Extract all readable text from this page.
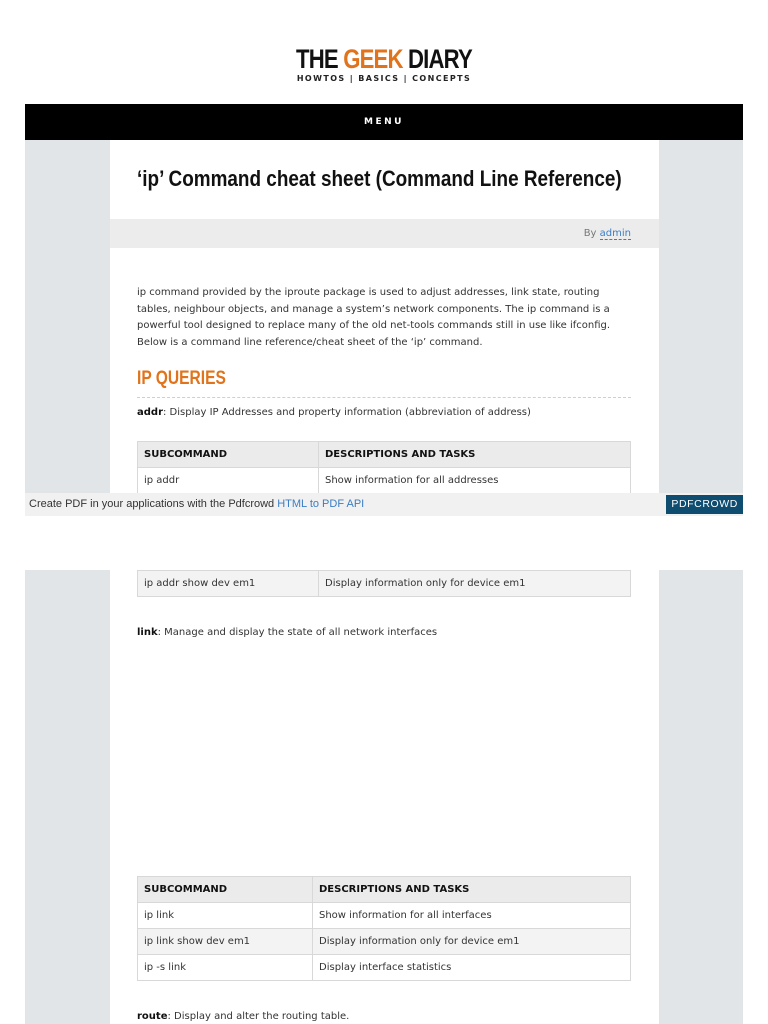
THE GEEK DIARY
HOWTOS | BASICS | CONCEPTS
MENU
‘ip’ Command cheat sheet (Command Line Reference)
By admin

ip command provided by the iproute package is used to adjust addresses, link state, routing tables, neighbour objects, and manage a system’s network components. The ip command is a powerful tool designed to replace many of the old net-tools commands still in use like ifconfig. Below is a command line reference/cheat sheet of the ‘ip’ command.

IP QUERIES
addr: Display IP Addresses and property information (abbreviation of address)
SUBCOMMAND	DESCRIPTIONS AND TASKS
ip addr	Show information for all addresses
Create PDF in your applications with the Pdfcrowd HTML to PDF API	PDFCROWD
ip addr show dev em1	Display information only for device em1
link: Manage and display the state of all network interfaces
SUBCOMMAND	DESCRIPTIONS AND TASKS
ip link	Show information for all interfaces
ip link show dev em1	Display information only for device em1
ip -s link	Display interface statistics
route: Display and alter the routing table.
